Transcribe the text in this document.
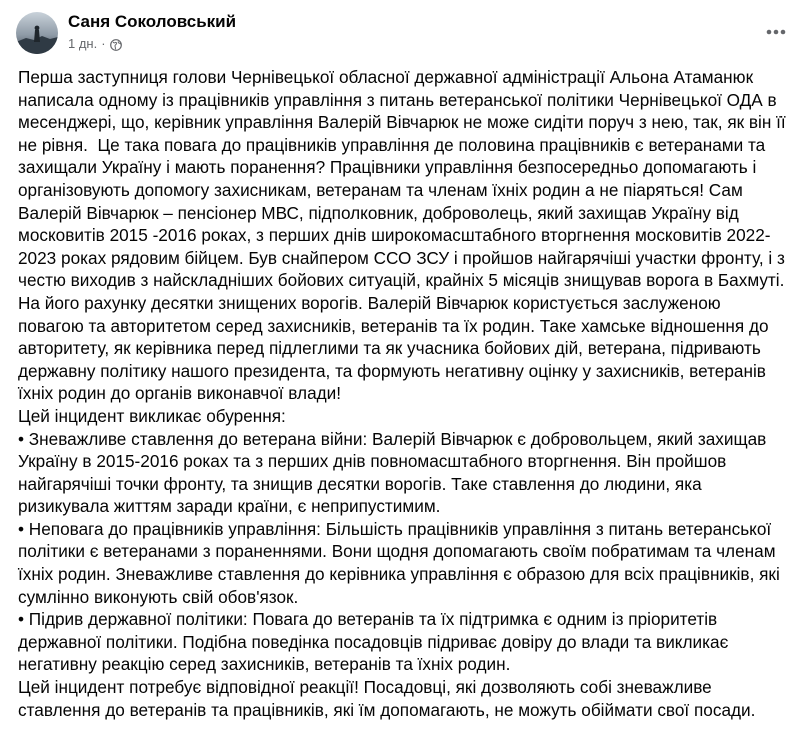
Саня Соколовський
1 дн. ·

Перша заступниця голови Чернівецької обласної державної адміністрації Альона Атаманюк написала одному із працівників управління з питань ветеранської політики Чернівецької ОДА в месенджері, що, керівник управління Валерій Вівчарюк не може сидіти поруч з нею, так, як він її не рівня.  Це така повага до працівників управління де половина працівників є ветеранами та захищали Україну і мають поранення? Працівники управління безпосередньо допомагають і організовують допомогу захисникам, ветеранам та членам їхніх родин а не піаряться! Сам Валерій Вівчарюк – пенсіонер МВС, підполковник, доброволець, який захищав Україну від московитів 2015 -2016 роках, з перших днів широкомасштабного вторгнення московитів 2022-2023 роках рядовим бійцем. Був снайпером ССО ЗСУ і пройшов найгарячіші участки фронту, і з честю виходив з найскладніших бойових ситуацій, крайніх 5 місяців знищував ворога в Бахмуті. На його рахунку десятки знищених ворогів. Валерій Вівчарюк користується заслуженою повагою та авторитетом серед захисників, ветеранів та їх родин. Таке хамське відношення до авторитету, як керівника перед підлеглими та як учасника бойових дій, ветерана, підривають державну політику нашого президента, та формують негативну оцінку у захисників, ветеранів їхніх родин до органів виконавчої влади!

Цей інцидент викликає обурення:

• Зневажливе ставлення до ветерана війни: Валерій Вівчарюк є добровольцем, який захищав Україну в 2015-2016 роках та з перших днів повномасштабного вторгнення. Він пройшов найгарячіші точки фронту, та знищив десятки ворогів. Таке ставлення до людини, яка ризикувала життям заради країни, є неприпустимим.

• Неповага до працівників управління: Більшість працівників управління з питань ветеранської політики є ветеранами з пораненнями. Вони щодня допомагають своїм побратимам та членам їхніх родин. Зневажливе ставлення до керівника управління є образою для всіх працівників, які сумлінно виконують свій обов'язок.

• Підрив державної політики: Повага до ветеранів та їх підтримка є одним із пріоритетів державної політики. Подібна поведінка посадовців підриває довіру до влади та викликає негативну реакцію серед захисників, ветеранів та їхніх родин.

Цей інцидент потребує відповідної реакції! Посадовці, які дозволяють собі зневажливе ставлення до ветеранів та працівників, які їм допомагають, не можуть обіймати свої посади.
